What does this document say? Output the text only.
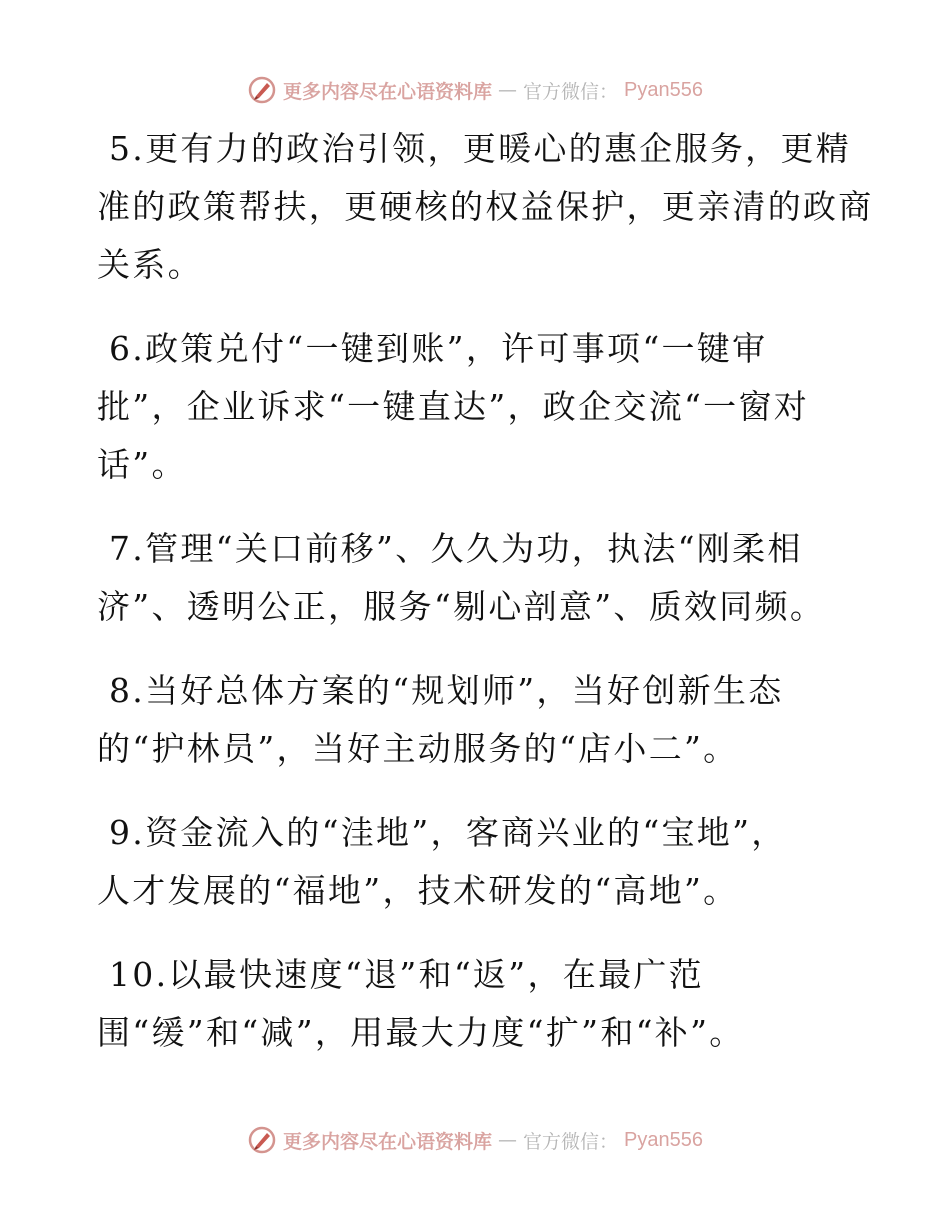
更多内容尽在心语资料库 — 官方微信： Pyan556
5.更有力的政治引领，更暖心的惠企服务，更精
准的政策帮扶，更硬核的权益保护，更亲清的政商
关系。
6.政策兑付“一键到账”，许可事项“一键审
批”，企业诉求“一键直达”，政企交流“一窗对
话”。
7.管理“关口前移”、久久为功，执法“刚柔相
济”、透明公正，服务“剔心剖意”、质效同频。
8.当好总体方案的“规划师”，当好创新生态
的“护林员”，当好主动服务的“店小二”。
9.资金流入的“洼地”，客商兴业的“宝地”，
人才发展的“福地”，技术研发的“高地”。
10.以最快速度“退”和“返”，在最广范
围“缓”和“减”，用最大力度“扩”和“补”。
更多内容尽在心语资料库 — 官方微信： Pyan556
